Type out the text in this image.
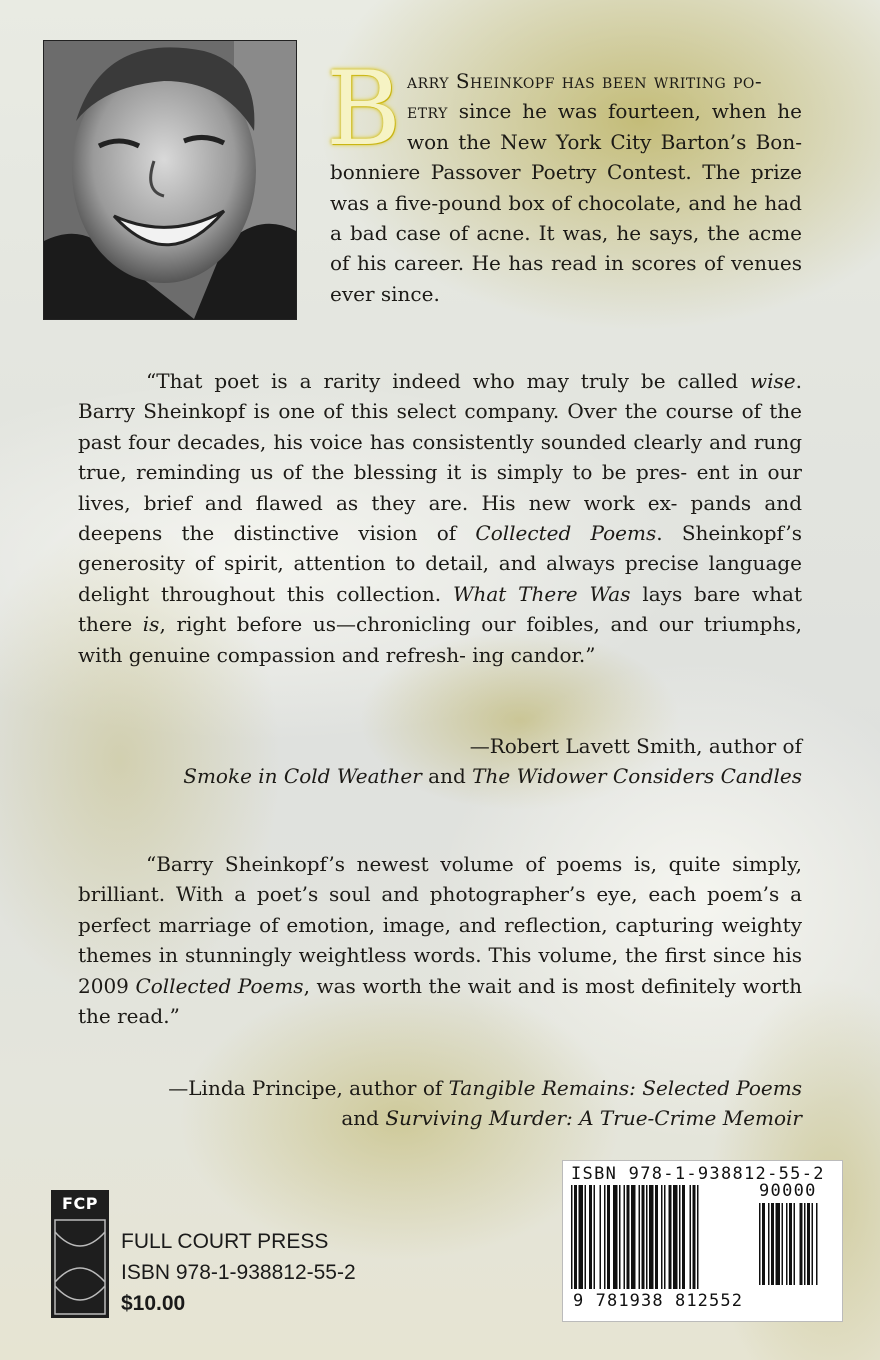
Barry Sheinkopf has been writing po-
etry since he was fourteen, when he won the New York City Barton’s Bon- bonniere Passover Poetry Contest. The prize was a five-pound box of chocolate, and he had a bad case of acne. It was, he says, the acme of his career. He has read in scores of venues ever since.

“That poet is a rarity indeed who may truly be called wise. Barry Sheinkopf is one of this select company. Over the course of the past four decades, his voice has consistently sounded clearly and rung true, reminding us of the blessing it is simply to be pres- ent in our lives, brief and flawed as they are. His new work ex- pands and deepens the distinctive vision of Collected Poems. Sheinkopf’s generosity of spirit, attention to detail, and always precise language delight throughout this collection. What There Was lays bare what there is, right before us—chronicling our foibles, and our triumphs, with genuine compassion and refresh- ing candor.”

—Robert Lavett Smith, author of
Smoke in Cold Weather and The Widower Considers Candles

“Barry Sheinkopf’s newest volume of poems is, quite simply, brilliant. With a poet’s soul and photographer’s eye, each poem’s a perfect marriage of emotion, image, and reflection, capturing weighty themes in stunningly weightless words. This volume, the first since his 2009 Collected Poems, was worth the wait and is most definitely worth the read.”

—Linda Principe, author of Tangible Remains: Selected Poems
and Surviving Murder: A True-Crime Memoir
FCP
FULL COURT PRESS
ISBN 978-1-938812-55-2
$10.00
ISBN 978-1-938812-55-2
90000
9 781938 812552
